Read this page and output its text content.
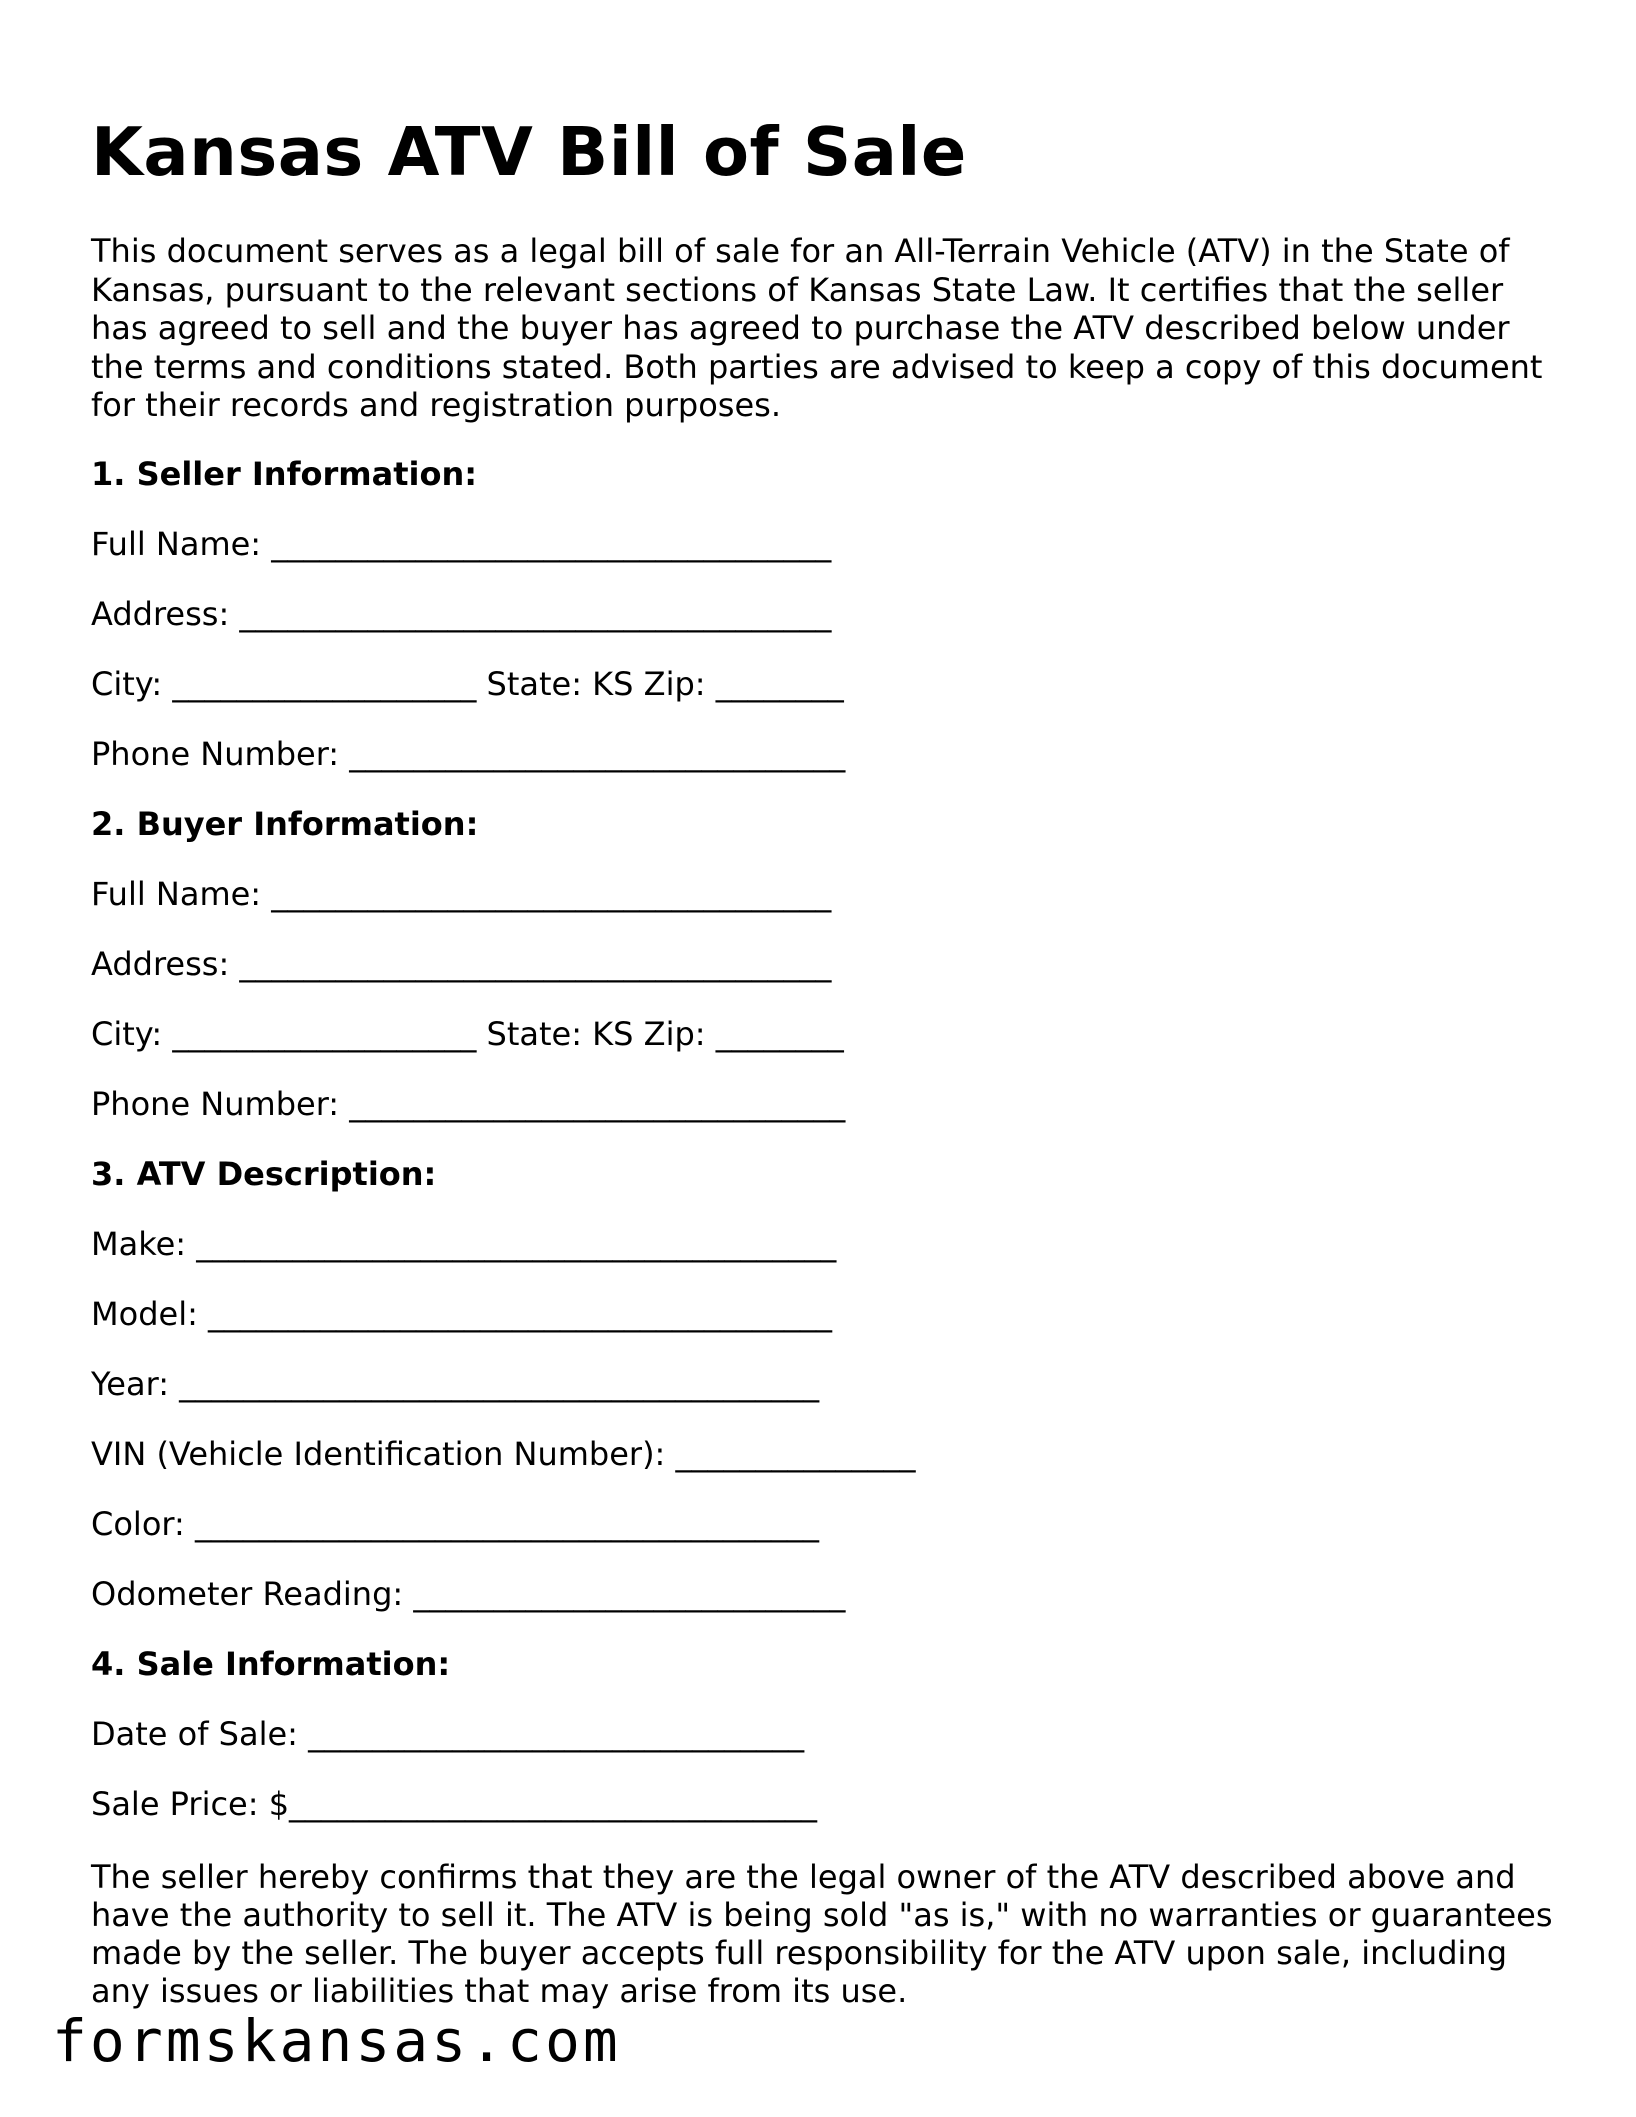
Kansas ATV Bill of Sale

This document serves as a legal bill of sale for an All-Terrain Vehicle (ATV) in the State of Kansas, pursuant to the relevant sections of Kansas State Law. It certifies that the seller has agreed to sell and the buyer has agreed to purchase the ATV described below under the terms and conditions stated. Both parties are advised to keep a copy of this document for their records and registration purposes.

1. Seller Information:

Full Name: ___________________________________

Address: _____________________________________

City: ___________________ State: KS Zip: ________

Phone Number: _______________________________

2. Buyer Information:

Full Name: ___________________________________

Address: _____________________________________

City: ___________________ State: KS Zip: ________

Phone Number: _______________________________

3. ATV Description:

Make: ________________________________________

Model: _______________________________________

Year: ________________________________________

VIN (Vehicle Identification Number): _______________

Color: _______________________________________

Odometer Reading: ___________________________

4. Sale Information:

Date of Sale: _______________________________

Sale Price: $_________________________________

The seller hereby confirms that they are the legal owner of the ATV described above and have the authority to sell it. The ATV is being sold "as is," with no warranties or guarantees made by the seller. The buyer accepts full responsibility for the ATV upon sale, including any issues or liabilities that may arise from its use.

formskansas.com
